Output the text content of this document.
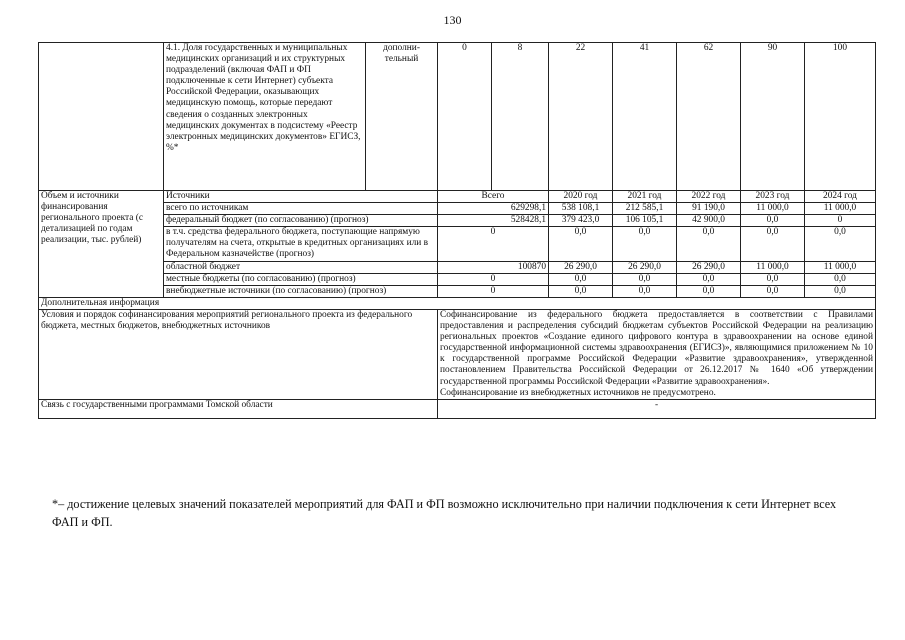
130
	4.1. Доля государственных и муниципальных медицинских организаций и их структурных подразделений (включая ФАП и ФП подключенные к сети Интернет) субъекта Российской Федерации, оказывающих медицинскую помощь, которые передают сведения о созданных электронных медицинских документах в подсистему «Реестр электронных медицинских документов» ЕГИСЗ, %*	дополни-тельный	0	8	22	41	62	90	100
Объем и источники финансирования регионального проекта (с детализацией по годам реализации, тыс. рублей)	Источники		Всего		2020 год	2021 год	2022 год	2023 год	2024 год
	всего по источникам		629298,1		538 108,1	212 585,1	91 190,0	11 000,0	11 000,0
	федеральный бюджет (по согласованию) (прогноз)		528428,1		379 423,0	106 105,1	42 900,0	0,0	0
	в т.ч. средства федерального бюджета, поступающие напрямую получателям на счета, открытые в кредитных организациях или в Федеральном казначействе (прогноз)		0		0,0	0,0	0,0	0,0	0,0
	областной бюджет		100870		26 290,0	26 290,0	26 290,0	11 000,0	11 000,0
	местные бюджеты (по согласованию) (прогноз)		0		0,0	0,0	0,0	0,0	0,0
	внебюджетные источники (по согласованию) (прогноз)		0		0,0	0,0	0,0	0,0	0,0
Дополнительная информация									
Условия и порядок софинансирования мероприятий регионального проекта из федерального бюджета, местных бюджетов, внебюджетных источников			Софинансирование из федерального бюджета предоставляется в соответствии с Правилами предоставления и распределения субсидий бюджетам субъектов Российской Федерации на реализацию региональных проектов «Создание единого цифрового контура в здравоохранении на основе единой государственной информационной системы здравоохранения (ЕГИСЗ)», являющимися приложением № 10 к государственной программе Российской Федерации «Развитие здравоохранения», утвержденной постановлением Правительства Российской Федерации от 26.12.2017 № 1640 «Об утверждении государственной программы Российской Федерации «Развитие здравоохранения».
Софинансирование из внебюджетных источников не предусмотрено.						

Связь с государственными программами Томской области			-						
*– достижение целевых значений показателей мероприятий для ФАП и ФП возможно исключительно при наличии подключения к сети Интернет всех ФАП и ФП.
